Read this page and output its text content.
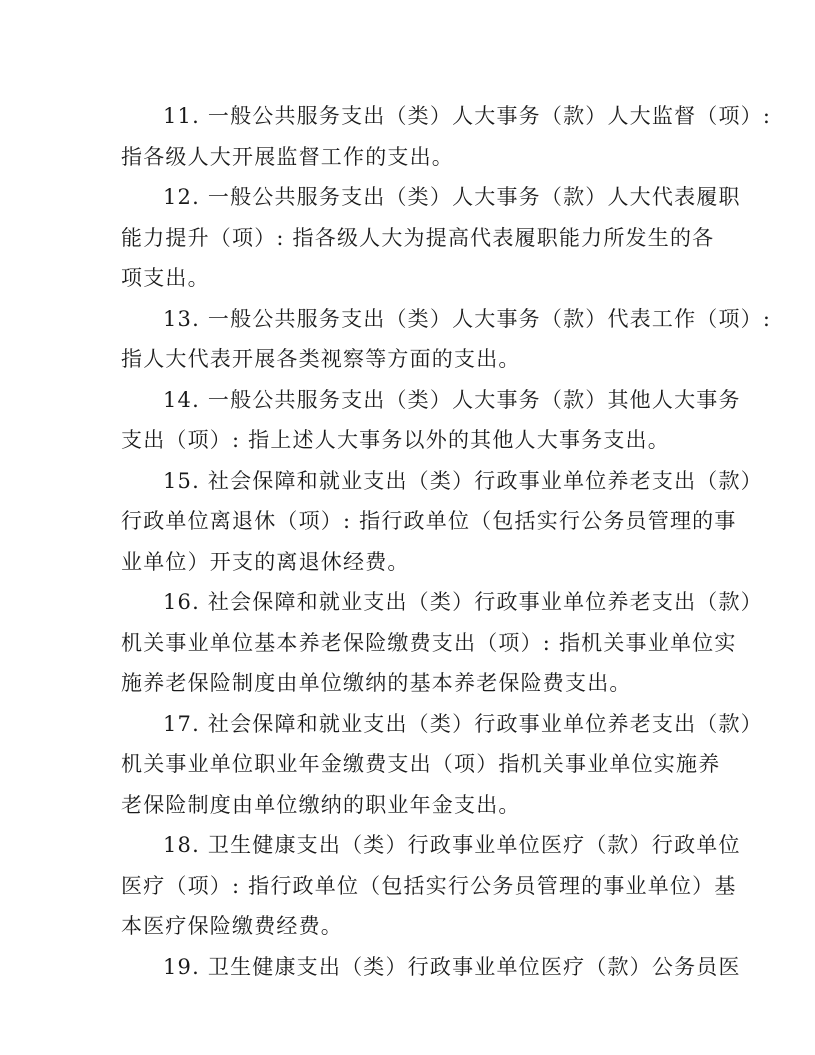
11. 一般公共服务支出（类）人大事务（款）人大监督（项）:
指各级人大开展监督工作的支出。
12. 一般公共服务支出（类）人大事务（款）人大代表履职
能力提升（项）: 指各级人大为提高代表履职能力所发生的各
项支出。
13. 一般公共服务支出（类）人大事务（款）代表工作（项）:
指人大代表开展各类视察等方面的支出。
14. 一般公共服务支出（类）人大事务（款）其他人大事务
支出（项）: 指上述人大事务以外的其他人大事务支出。
15. 社会保障和就业支出（类）行政事业单位养老支出（款）
行政单位离退休（项）: 指行政单位（包括实行公务员管理的事
业单位）开支的离退休经费。
16. 社会保障和就业支出（类）行政事业单位养老支出（款）
机关事业单位基本养老保险缴费支出（项）: 指机关事业单位实
施养老保险制度由单位缴纳的基本养老保险费支出。
17. 社会保障和就业支出（类）行政事业单位养老支出（款）
机关事业单位职业年金缴费支出（项）指机关事业单位实施养
老保险制度由单位缴纳的职业年金支出。
18. 卫生健康支出（类）行政事业单位医疗（款）行政单位
医疗（项）: 指行政单位（包括实行公务员管理的事业单位）基
本医疗保险缴费经费。
19. 卫生健康支出（类）行政事业单位医疗（款）公务员医
